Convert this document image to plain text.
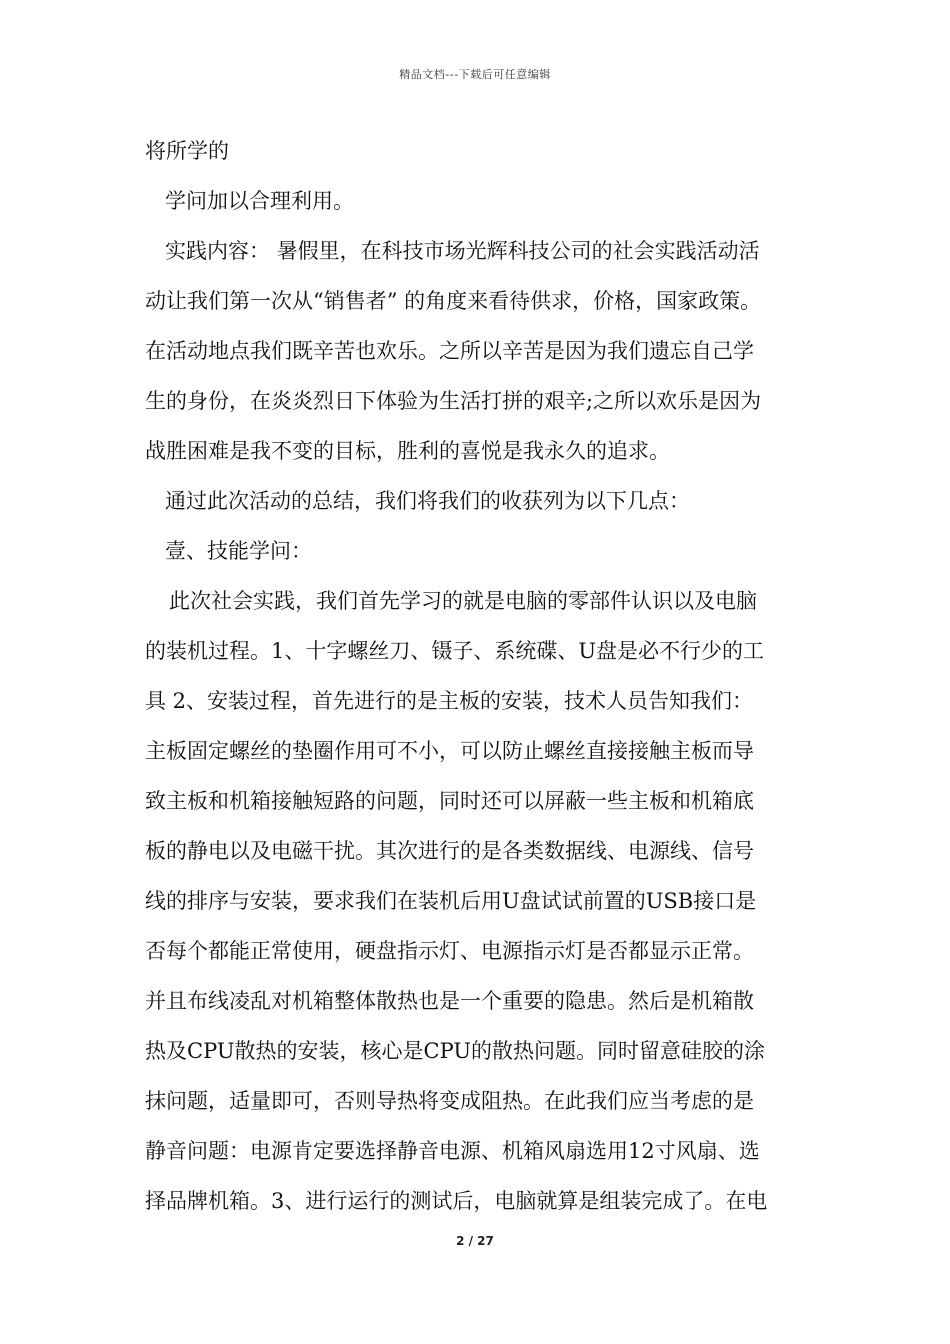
精品文档---下载后可任意编辑
将所学的
学问加以合理利用。
实践内容： 暑假里，在科技市场光辉科技公司的社会实践活动活
动让我们第一次从“销售者” 的角度来看待供求，价格，国家政策。
在活动地点我们既辛苦也欢乐。之所以辛苦是因为我们遗忘自己学
生的身份，在炎炎烈日下体验为生活打拼的艰辛;之所以欢乐是因为
战胜困难是我不变的目标，胜利的喜悦是我永久的追求。
通过此次活动的总结，我们将我们的收获列为以下几点：
壹、技能学问：
此次社会实践，我们首先学习的就是电脑的零部件认识以及电脑
的装机过程。1、十字螺丝刀、镊子、系统碟、U盘是必不行少的工
具 2、安装过程，首先进行的是主板的安装，技术人员告知我们：
主板固定螺丝的垫圈作用可不小，可以防止螺丝直接接触主板而导
致主板和机箱接触短路的问题，同时还可以屏蔽一些主板和机箱底
板的静电以及电磁干扰。其次进行的是各类数据线、电源线、信号
线的排序与安装，要求我们在装机后用U盘试试前置的USB接口是
否每个都能正常使用，硬盘指示灯、电源指示灯是否都显示正常。
并且布线凌乱对机箱整体散热也是一个重要的隐患。然后是机箱散
热及CPU散热的安装，核心是CPU的散热问题。同时留意硅胶的涂
抹问题，适量即可，否则导热将变成阻热。在此我们应当考虑的是
静音问题：电源肯定要选择静音电源、机箱风扇选用12寸风扇、选
择品牌机箱。3、进行运行的测试后，电脑就算是组装完成了。在电
2 / 27
